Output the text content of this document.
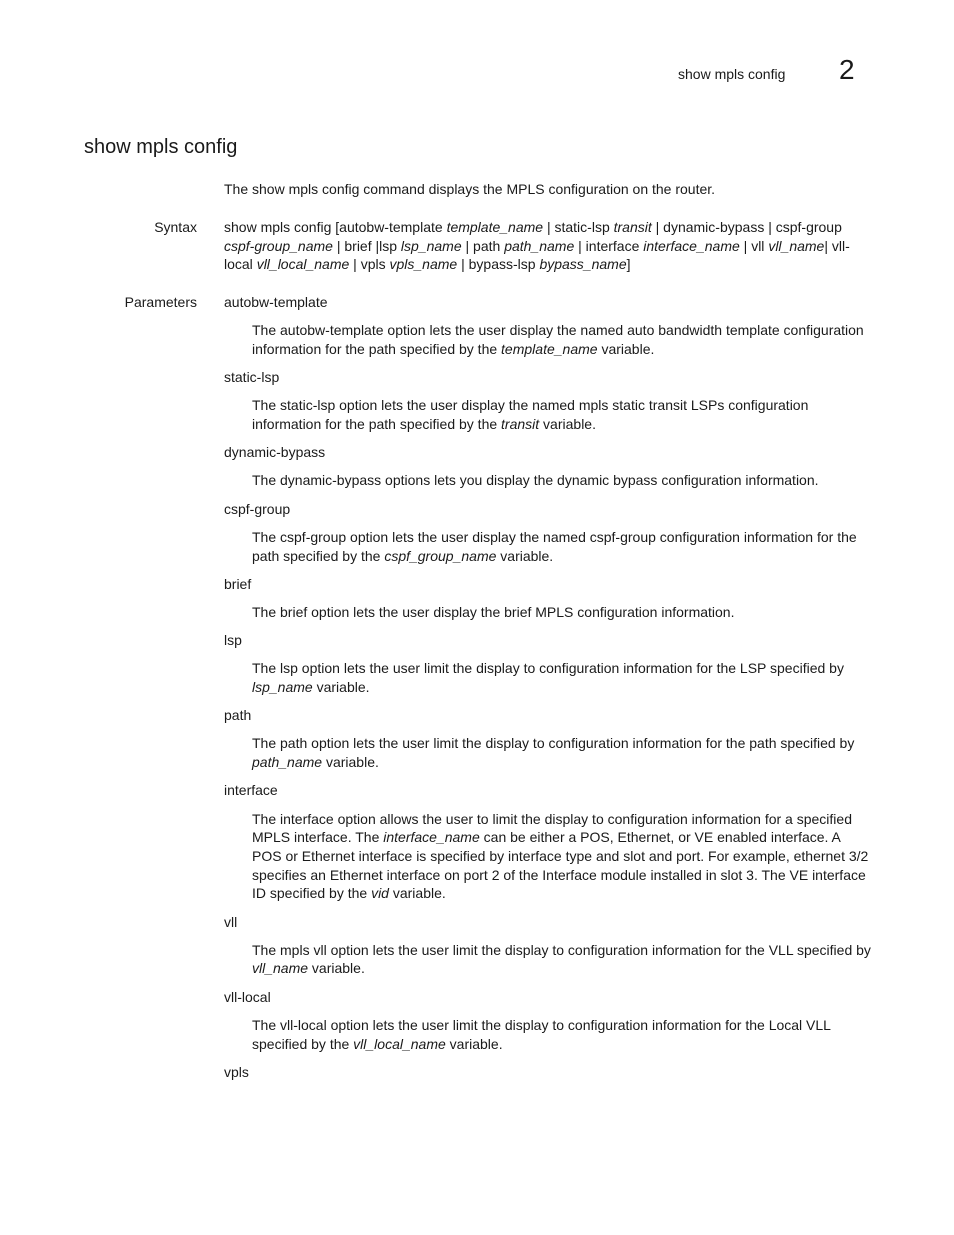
show mpls config 2
show mpls config
The show mpls config command displays the MPLS configuration on the router.
Syntax show mpls config [autobw-template template_name | static-lsp transit | dynamic-bypass | cspf-group cspf-group_name | brief |lsp lsp_name | path path_name | interface interface_name | vll vll_name| vll-local vll_local_name | vpls vpls_name | bypass-lsp bypass_name]
Parameters autobw-template
The autobw-template option lets the user display the named auto bandwidth template configuration information for the path specified by the template_name variable.
static-lsp
The static-lsp option lets the user display the named mpls static transit LSPs configuration information for the path specified by the transit variable.
dynamic-bypass
The dynamic-bypass options lets you display the dynamic bypass configuration information.
cspf-group
The cspf-group option lets the user display the named cspf-group configuration information for the path specified by the cspf_group_name variable.
brief
The brief option lets the user display the brief MPLS configuration information.
lsp
The lsp option lets the user limit the display to configuration information for the LSP specified by lsp_name variable.
path
The path option lets the user limit the display to configuration information for the path specified by path_name variable.
interface
The interface option allows the user to limit the display to configuration information for a specified MPLS interface. The interface_name can be either a POS, Ethernet, or VE enabled interface. A POS or Ethernet interface is specified by interface type and slot and port. For example, ethernet 3/2 specifies an Ethernet interface on port 2 of the Interface module installed in slot 3. The VE interface ID specified by the vid variable.
vll
The mpls vll option lets the user limit the display to configuration information for the VLL specified by vll_name variable.
vll-local
The vll-local option lets the user limit the display to configuration information for the Local VLL specified by the vll_local_name variable.
vpls
